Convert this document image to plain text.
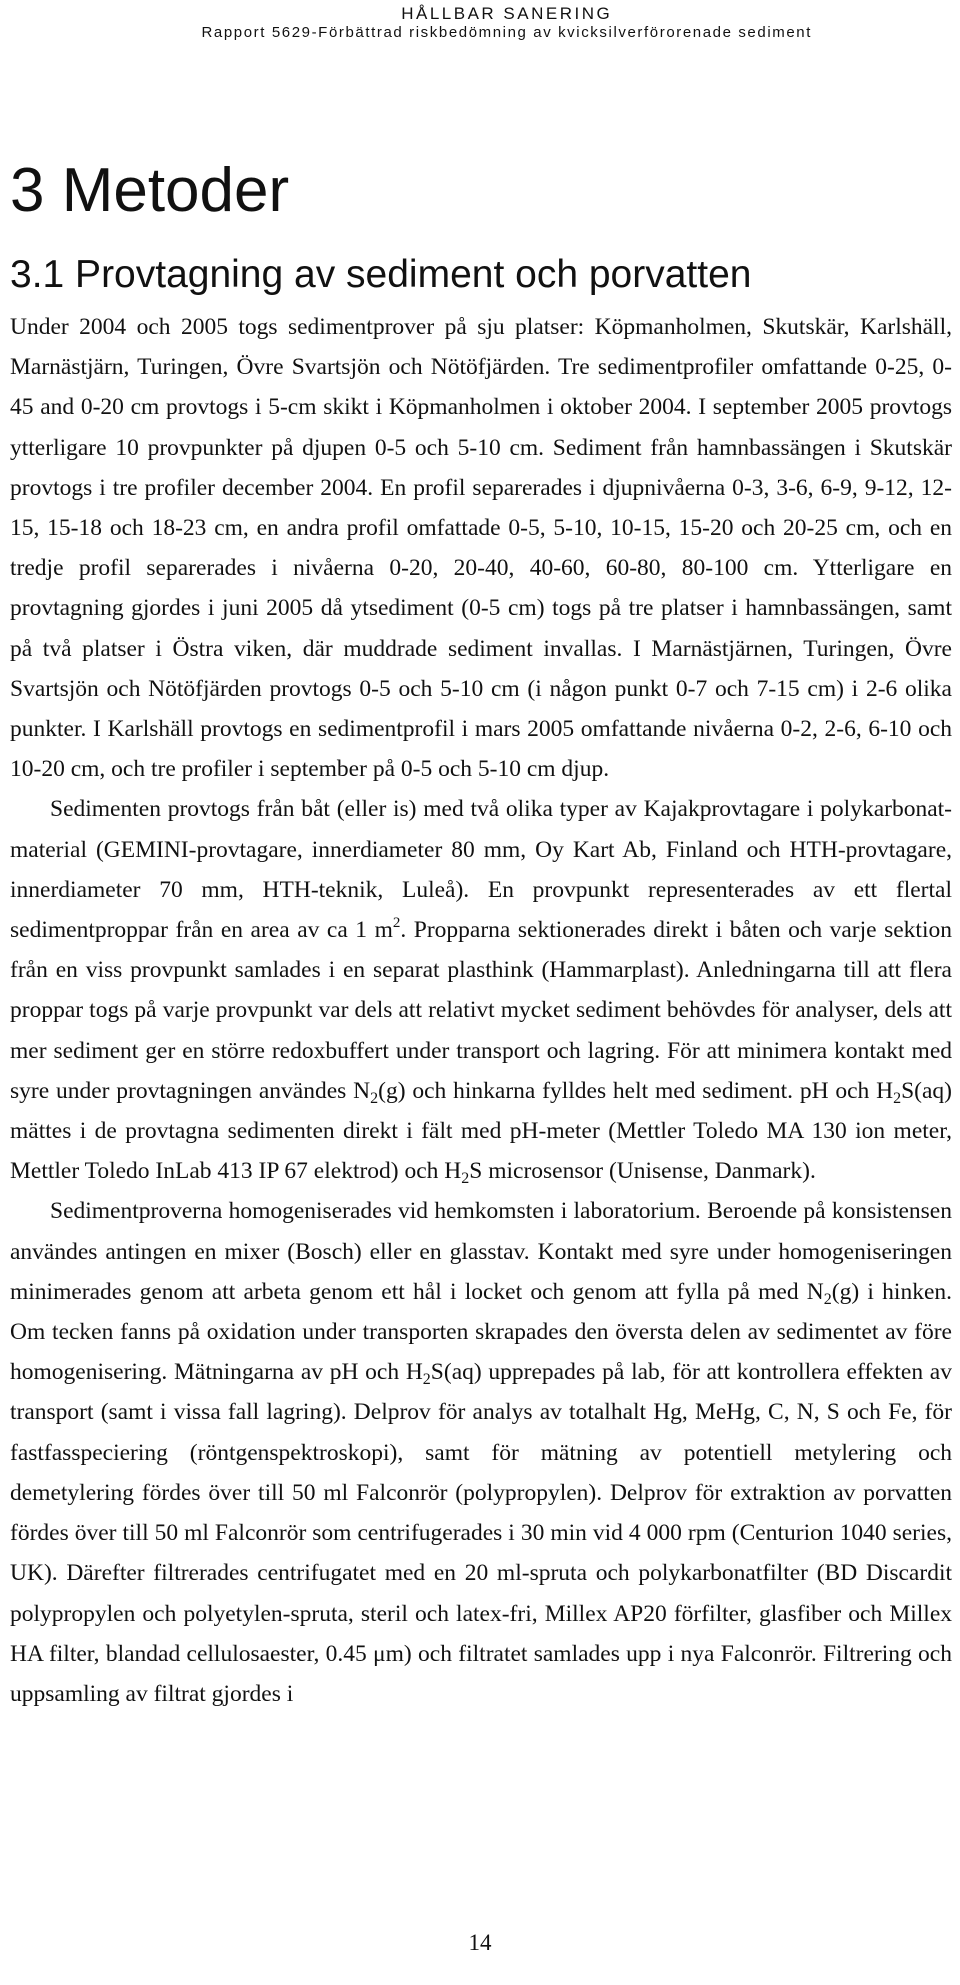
HÅLLBAR SANERING
Rapport 5629-Förbättrad riskbedömning av kvicksilverförorenade sediment
3 Metoder
3.1 Provtagning av sediment och porvatten

Under 2004 och 2005 togs sedimentprover på sju platser: Köpmanholmen, Skutskär, Karlshäll, Marnästjärn, Turingen, Övre Svartsjön och Nötöfjärden. Tre sedimentprofiler omfattande 0-25, 0-45 and 0-20 cm provtogs i 5-cm skikt i Köpmanholmen i oktober 2004. I september 2005 provtogs ytterligare 10 provpunkter på djupen 0-5 och 5-10 cm. Sediment från hamnbassängen i Skutskär provtogs i tre profiler december 2004. En profil separerades i djupnivåerna 0-3, 3-6, 6-9, 9-12, 12-15, 15-18 och 18-23 cm, en andra profil omfattade 0-5, 5-10, 10-15, 15-20 och 20-25 cm, och en tredje profil separerades i nivåerna 0-20, 20-40, 40-60, 60-80, 80-100 cm. Ytterligare en provtagning gjordes i juni 2005 då ytsediment (0-5 cm) togs på tre platser i hamnbassängen, samt på två platser i Östra viken, där muddrade sediment invallas. I Marnästjärnen, Turingen, Övre Svartsjön och Nötöfjärden provtogs 0-5 och 5-10 cm (i någon punkt 0-7 och 7-15 cm) i 2-6 olika punkter. I Karlshäll provtogs en sedimentprofil i mars 2005 omfattande nivåerna 0-2, 2-6, 6-10 och 10-20 cm, och tre profiler i september på 0-5 och 5-10 cm djup.

Sedimenten provtogs från båt (eller is) med två olika typer av Kajakprovtagare i polykarbonat-material (GEMINI-provtagare, innerdiameter 80 mm, Oy Kart Ab, Finland och HTH-provtagare, innerdiameter 70 mm, HTH-teknik, Luleå). En provpunkt representerades av ett flertal sedimentproppar från en area av ca 1 $m^2$. Propparna sektionerades direkt i båten och varje sektion från en viss provpunkt samlades i en separat plasthink (Hammarplast). Anledningarna till att flera proppar togs på varje provpunkt var dels att relativt mycket sediment behövdes för analyser, dels att mer sediment ger en större redoxbuffert under transport och lagring. För att minimera kontakt med syre under provtagningen användes $N_2(g)$ och hinkarna fylldes helt med sediment. pH och $H_2S(aq)$ mättes i de provtagna sedimenten direkt i fält med pH-meter (Mettler Toledo MA 130 ion meter, Mettler Toledo InLab 413 IP 67 elektrod) och $H_2S$ microsensor (Unisense, Danmark).

Sedimentproverna homogeniserades vid hemkomsten i laboratorium. Beroende på konsistensen användes antingen en mixer (Bosch) eller en glasstav. Kontakt med syre under homogeniseringen minimerades genom att arbeta genom ett hål i locket och genom att fylla på med $N_2(g)$ i hinken. Om tecken fanns på oxidation under transporten skrapades den översta delen av sedimentet av före homogenisering. Mätningarna av pH och $H_2S(aq)$ upprepades på lab, för att kontrollera effekten av transport (samt i vissa fall lagring). Delprov för analys av totalhalt Hg, MeHg, C, N, S och Fe, för fastfasspeciering (röntgenspektroskopi), samt för mätning av potentiell metylering och demetylering fördes över till 50 ml Falconrör (polypropylen). Delprov för extraktion av porvatten fördes över till 50 ml Falconrör som centrifugerades i 30 min vid 4 000 rpm (Centurion 1040 series, UK). Därefter filtrerades centrifugatet med en 20 ml-spruta och polykarbonatfilter (BD Discardit polypropylen och polyetylen-spruta, steril och latex-fri, Millex AP20 förfilter, glasfiber och Millex HA filter, blandad cellulosaester, 0.45 μm) och filtratet samlades upp i nya Falconrör. Filtrering och uppsamling av filtrat gjordes i

14
